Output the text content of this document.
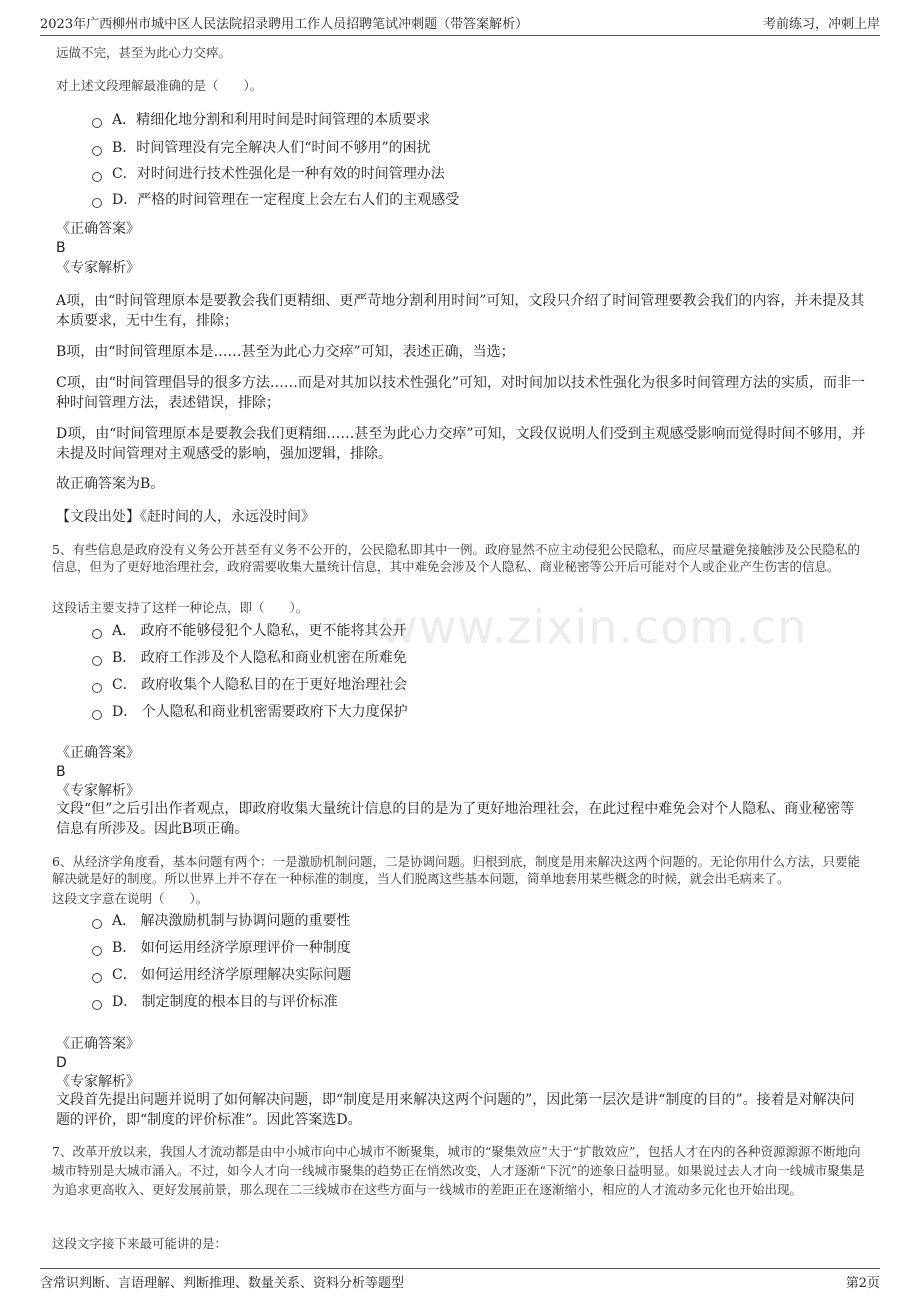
2023年广西柳州市城中区人民法院招录聘用工作人员招聘笔试冲刺题（带答案解析）	考前练习，冲刺上岸
www.zixin.com.cn
远做不完，甚至为此心力交瘁。
对上述文段理解最准确的是（　　）。
A．精细化地分割和利用时间是时间管理的本质要求
B．时间管理没有完全解决人们“时间不够用”的困扰
C．对时间进行技术性强化是一种有效的时间管理办法
D．严格的时间管理在一定程度上会左右人们的主观感受
《正确答案》
B
《专家解析》
A项，由“时间管理原本是要教会我们更精细、更严苛地分割利用时间”可知，文段只介绍了时间管理要教会我们的内容，并未提及其本质要求，无中生有，排除；
B项，由“时间管理原本是……甚至为此心力交瘁”可知，表述正确，当选；
C项，由“时间管理倡导的很多方法……而是对其加以技术性强化”可知，对时间加以技术性强化为很多时间管理方法的实质，而非一种时间管理方法，表述错误，排除；
D项，由“时间管理原本是要教会我们更精细……甚至为此心力交瘁”可知，文段仅说明人们受到主观感受影响而觉得时间不够用，并未提及时间管理对主观感受的影响，强加逻辑，排除。
故正确答案为B。
【文段出处】《赶时间的人，永远没时间》
5、有些信息是政府没有义务公开甚至有义务不公开的，公民隐私即其中一例。政府显然不应主动侵犯公民隐私，而应尽量避免接触涉及公民隐私的信息，但为了更好地治理社会，政府需要收集大量统计信息，其中难免会涉及个人隐私、商业秘密等公开后可能对个人或企业产生伤害的信息。
这段话主要支持了这样一种论点，即（　　）。
A． 政府不能够侵犯个人隐私，更不能将其公开
B． 政府工作涉及个人隐私和商业机密在所难免
C． 政府收集个人隐私目的在于更好地治理社会
D． 个人隐私和商业机密需要政府下大力度保护
《正确答案》
B
《专家解析》
文段“但”之后引出作者观点，即政府收集大量统计信息的目的是为了更好地治理社会，在此过程中难免会对个人隐私、商业秘密等信息有所涉及。因此B项正确。
6、从经济学角度看，基本问题有两个：一是激励机制问题，二是协调问题。归根到底，制度是用来解决这两个问题的。无论你用什么方法，只要能解决就是好的制度。所以世界上并不存在一种标准的制度，当人们脱离这些基本问题，简单地套用某些概念的时候，就会出毛病来了。
这段文字意在说明（　　）。
A． 解决激励机制与协调问题的重要性
B． 如何运用经济学原理评价一种制度
C． 如何运用经济学原理解决实际问题
D． 制定制度的根本目的与评价标准
《正确答案》
D
《专家解析》
文段首先提出问题并说明了如何解决问题，即“制度是用来解决这两个问题的”，因此第一层次是讲“制度的目的”。接着是对解决问题的评价，即“制度的评价标准”。因此答案选D。
7、改革开放以来，我国人才流动都是由中小城市向中心城市不断聚集，城市的“聚集效应”大于“扩散效应”，包括人才在内的各种资源源源不断地向城市特别是大城市涌入。不过，如今人才向一线城市聚集的趋势正在悄然改变，人才逐渐“下沉”的迹象日益明显。如果说过去人才向一线城市聚集是为追求更高收入、更好发展前景，那么现在二三线城市在这些方面与一线城市的差距正在逐渐缩小，相应的人才流动多元化也开始出现。
这段文字接下来最可能讲的是：
含常识判断、言语理解、判断推理、数量关系、资料分析等题型	第2页
